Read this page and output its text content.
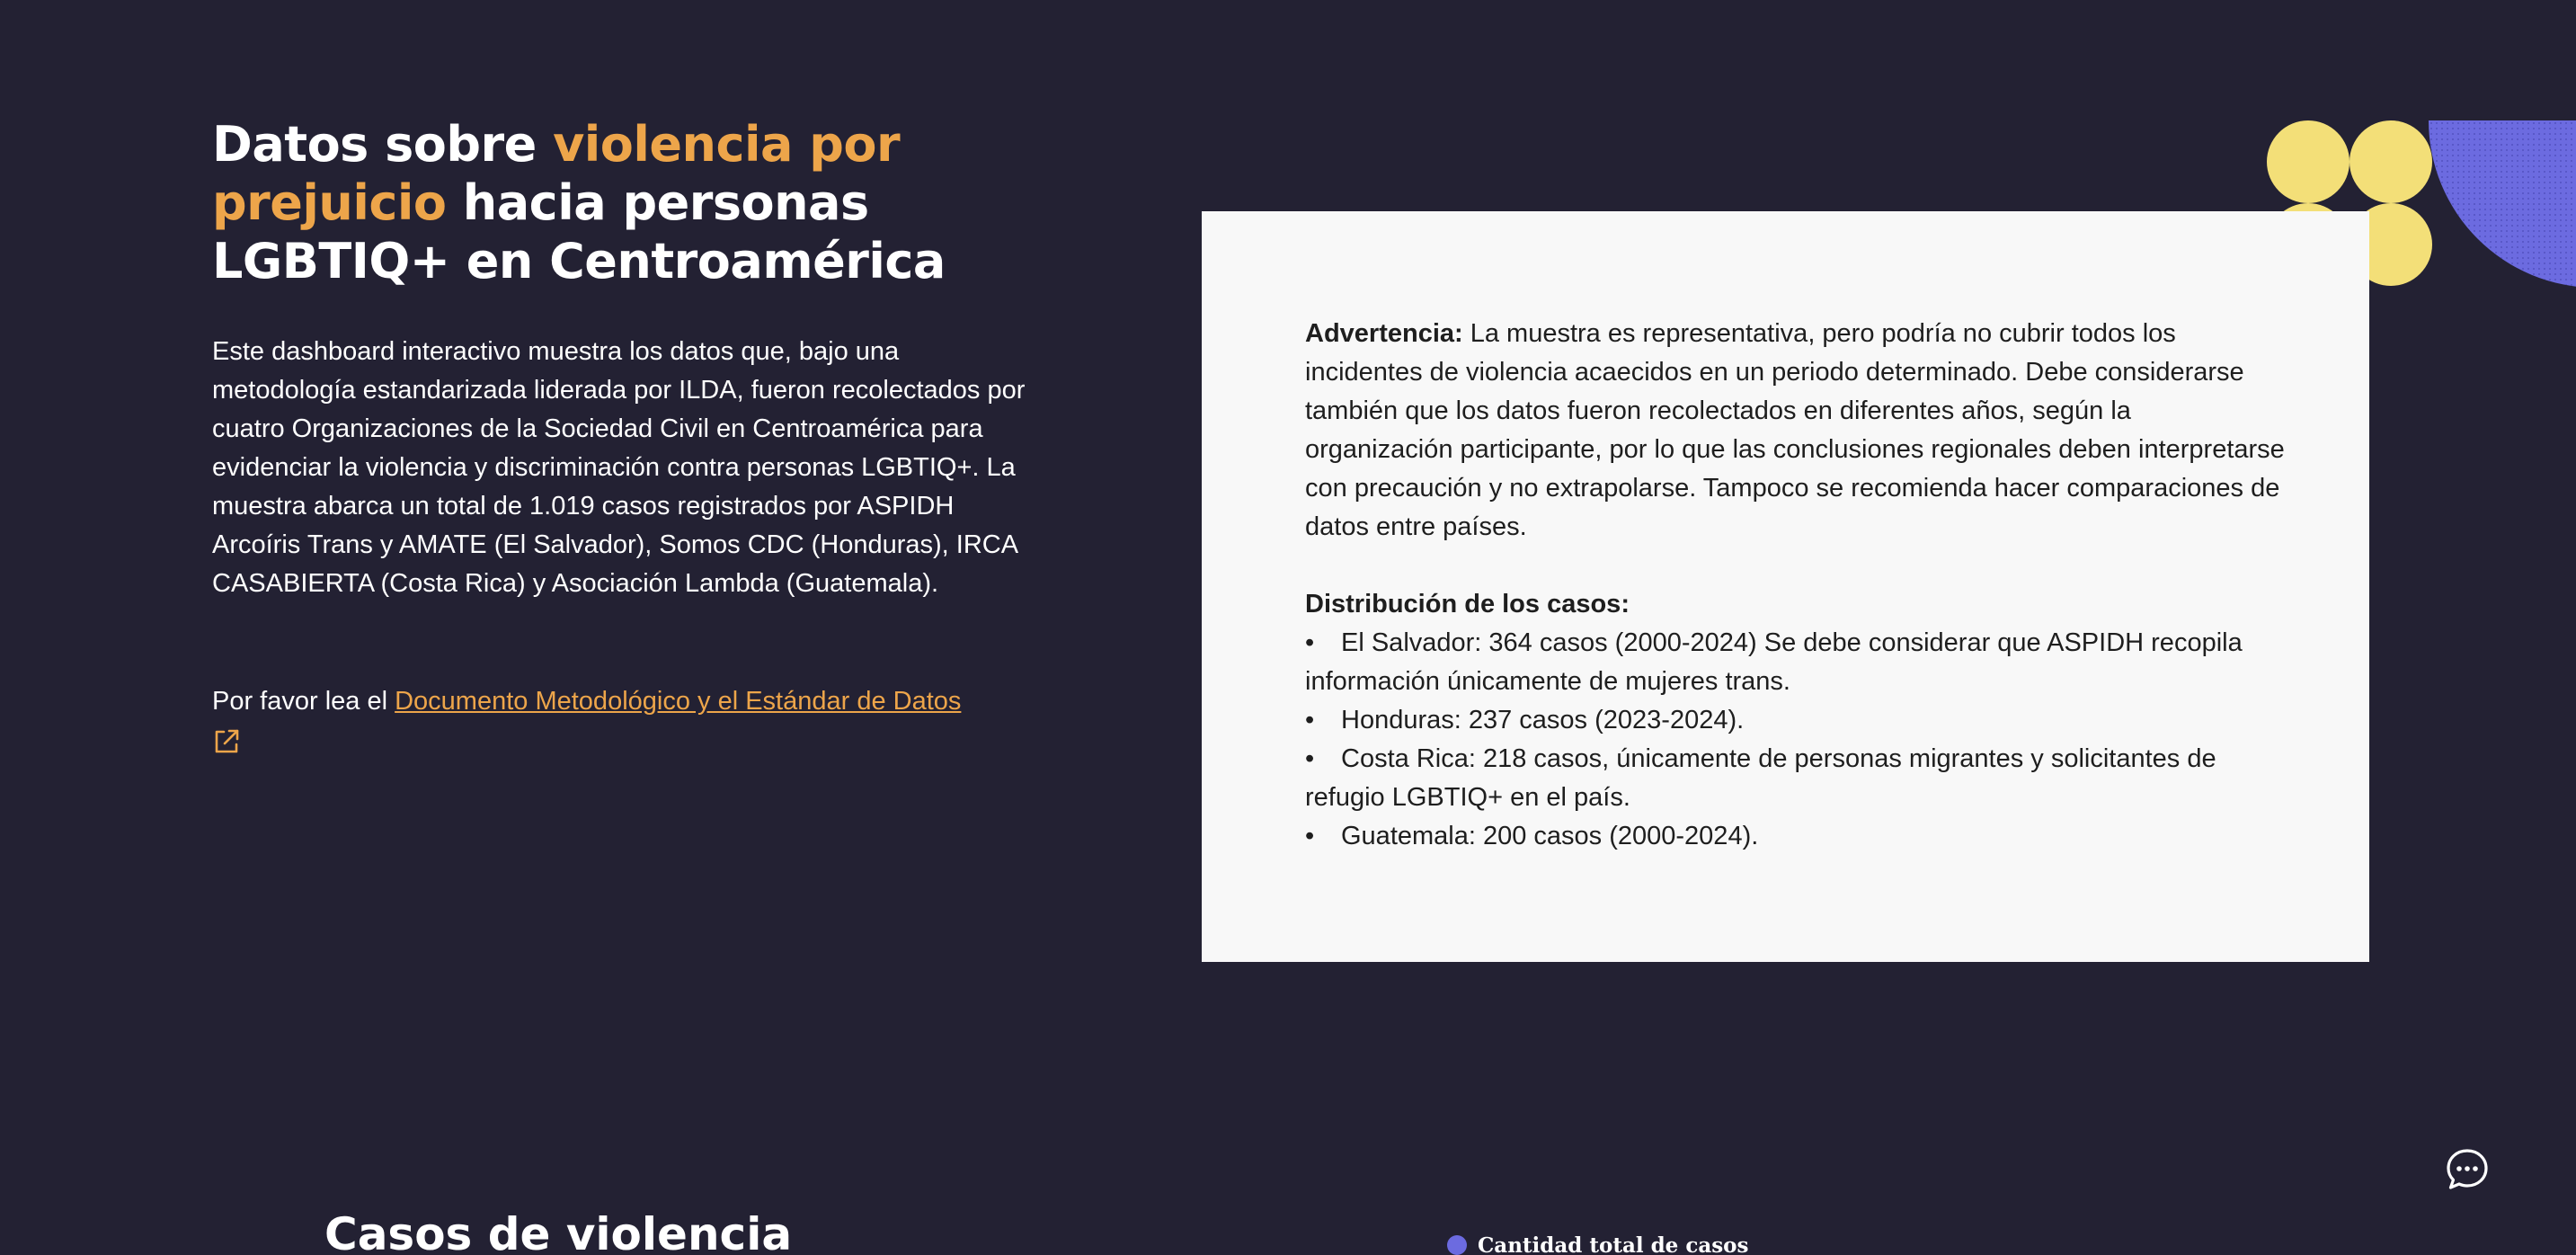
Datos sobre violencia por prejuicio hacia personas LGBTIQ+ en Centroamérica

Este dashboard interactivo muestra los datos que, bajo una metodología estandarizada liderada por ILDA, fueron recolectados por cuatro Organizaciones de la Sociedad Civil en Centroamérica para evidenciar la violencia y discriminación contra personas LGBTIQ+. La muestra abarca un total de 1.019 casos registrados por ASPIDH Arcoíris Trans y AMATE (El Salvador), Somos CDC (Honduras), IRCA CASABIERTA (Costa Rica) y Asociación Lambda (Guatemala).

Por favor lea el Documento Metodológico y el Estándar de Datos

Advertencia: La muestra es representativa, pero podría no cubrir todos los incidentes de violencia acaecidos en un periodo determinado. Debe considerarse también que los datos fueron recolectados en diferentes años, según la organización participante, por lo que las conclusiones regionales deben interpretarse con precaución y no extrapolarse. Tampoco se recomienda hacer comparaciones de datos entre países.

Distribución de los casos:

• El Salvador: 364 casos (2000-2024) Se debe considerar que ASPIDH recopila información únicamente de mujeres trans.
• Honduras: 237 casos (2023-2024).
• Costa Rica: 218 casos, únicamente de personas migrantes y solicitantes de refugio LGBTIQ+ en el país.
• Guatemala: 200 casos (2000-2024).
Casos de violencia	Cantidad total de casos
